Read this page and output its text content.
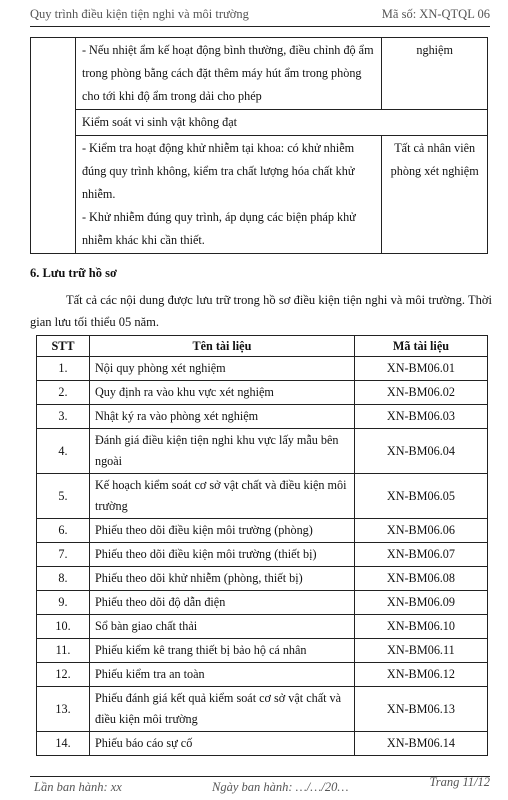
Quy trình điều kiện tiện nghi và môi trường	Mã số: XN-QTQL 06
	- Nếu nhiệt ẩm kế hoạt động bình thường, điều chỉnh độ ẩm trong phòng bằng cách đặt thêm máy hút ẩm trong phòng cho tới khi độ ẩm trong dải cho phép	nghiệm
	Kiểm soát vi sinh vật không đạt	

	- Kiểm tra hoạt động khử nhiễm tại khoa: có khử nhiễm đúng quy trình không, kiểm tra chất lượng hóa chất khử nhiễm.
- Khử nhiễm đúng quy trình, áp dụng các biện pháp khử nhiễm khác khi cần thiết.	Tất cả nhân viên phòng xét nghiệm
6. Lưu trữ hồ sơ
Tất cả các nội dung được lưu trữ trong hồ sơ điều kiện tiện nghi và môi trường. Thời gian lưu tối thiểu 05 năm.
STT	Tên tài liệu	Mã tài liệu
1.	Nội quy phòng xét nghiệm	XN-BM06.01
2.	Quy định ra vào khu vực xét nghiệm	XN-BM06.02
3.	Nhật ký ra vào phòng xét nghiệm	XN-BM06.03
4.	Đánh giá điều kiện tiện nghi khu vực lấy mẫu bên ngoài	XN-BM06.04
5.	Kế hoạch kiểm soát cơ sở vật chất và điều kiện môi trường	XN-BM06.05
6.	Phiếu theo dõi điều kiện môi trường (phòng)	XN-BM06.06
7.	Phiếu theo dõi điều kiện môi trường (thiết bị)	XN-BM06.07
8.	Phiếu theo dõi khử nhiễm (phòng, thiết bị)	XN-BM06.08
9.	Phiếu theo dõi độ dẫn điện	XN-BM06.09
10.	Sổ bàn giao chất thải	XN-BM06.10
11.	Phiếu kiểm kê trang thiết bị bảo hộ cá nhân	XN-BM06.11
12.	Phiếu kiểm tra an toàn	XN-BM06.12
13.	Phiếu đánh giá kết quả kiểm soát cơ sở vật chất và điều kiện môi trường	XN-BM06.13
14.	Phiếu báo cáo sự cố	XN-BM06.14
Lần ban hành: xx	Ngày ban hành: …/…/20…	Trang 11/12
